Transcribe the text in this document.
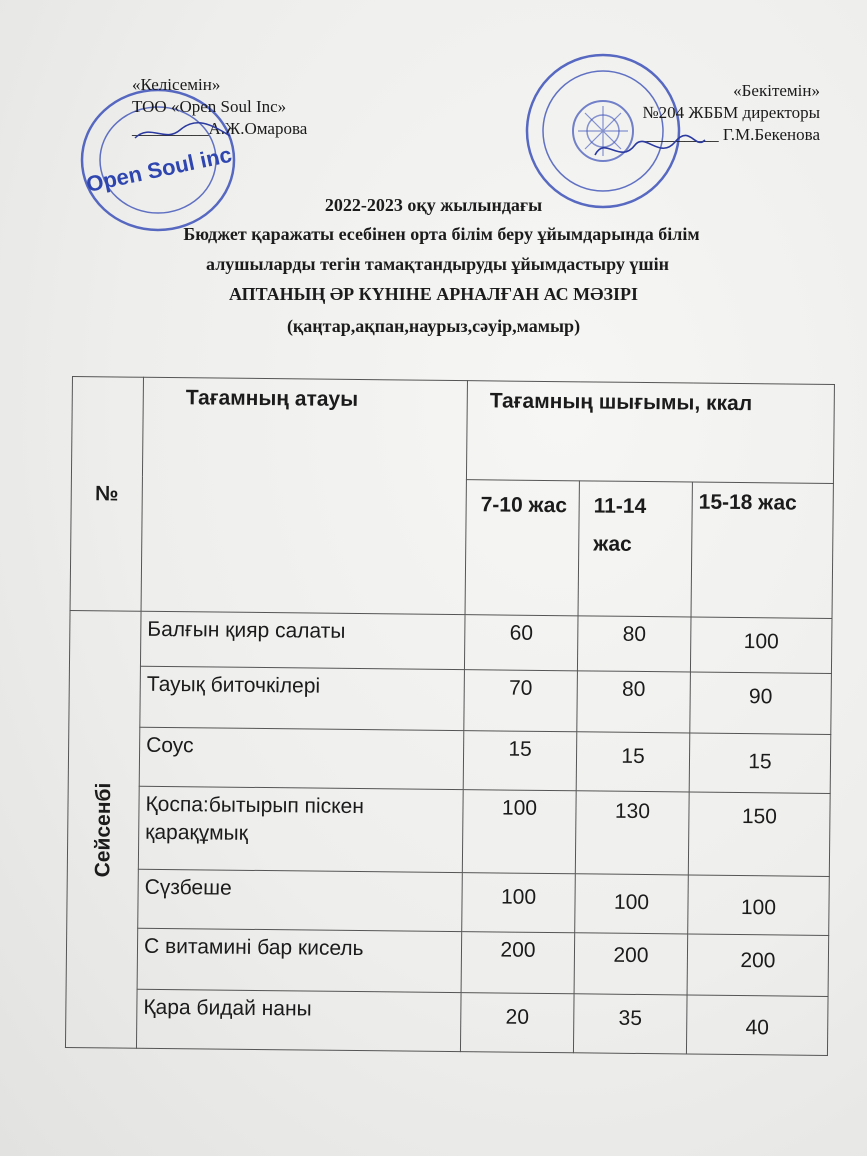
Open Soul inc
«Келісемін»
ТОО «Open Soul Inc»
_________А.Ж.Омарова
«Бекітемін»
№204 ЖББМ директоры
_________ Г.М.Бекенова
2022-2023 оқу жылындағы
Бюджет қаражаты есебінен орта білім беру ұйымдарында білім
алушыларды тегін тамақтандыруды ұйымдастыру үшін
АПТАНЫҢ ӘР КҮНІНЕ АРНАЛҒАН АС МӘЗІРІ
(қаңтар,ақпан,наурыз,сәуір,мамыр)
№	Тағамның атауы	Тағамның шығымы, ккал		
		7-10 жас	11-14 жас	15-18 жас
Сейсенбі	Балғын қияр салаты	60	80	100
	Тауық биточкілері	70	80	90
	Соус	15	15	15
	Қоспа:бытырып піскен қарақұмық	100	130	150
	Сүзбеше	100	100	100
	С витамині бар кисель	200	200	200
	Қара бидай наны	20	35	40
